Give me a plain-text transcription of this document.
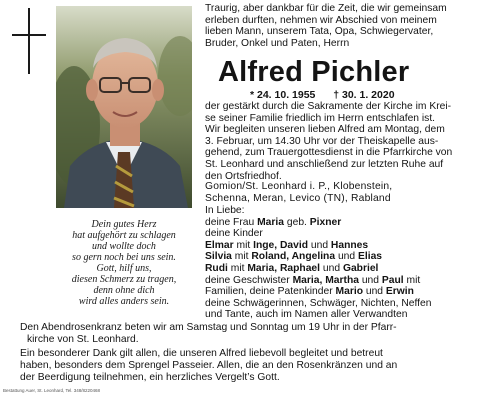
Dein gutes Herz
hat aufgehört zu schlagen
und wollte doch
so gern noch bei uns sein.
Gott, hilf uns,
diesen Schmerz zu tragen,
denn ohne dich
wird alles anders sein.
Traurig, aber dankbar für die Zeit, die wir gemeinsam
erleben durften, nehmen wir Abschied von meinem
lieben Mann, unserem Tata, Opa, Schwiegervater,
Bruder, Onkel und Paten, Herrn
Alfred Pichler
* 24. 10. 1955 † 30. 1. 2020
der gestärkt durch die Sakramente der Kirche im Krei-
se seiner Familie friedlich im Herrn entschlafen ist.
Wir begleiten unseren lieben Alfred am Montag, dem
3. Februar, um 14.30 Uhr vor der Theiskapelle aus-
gehend, zum Trauergottesdienst in die Pfarrkirche von
St. Leonhard und anschließend zur letzten Ruhe auf
den Ortsfriedhof.
Gomion/St. Leonhard i. P., Klobenstein,
Schenna, Meran, Levico (TN), Rabland
In Liebe:
deine Frau Maria geb. Pixner
deine Kinder
Elmar mit Inge, David und Hannes
Silvia mit Roland, Angelina und Elias
Rudi mit Maria, Raphael und Gabriel
deine Geschwister Maria, Martha und Paul mit
Familien, deine Patenkinder Mario und Erwin
deine Schwägerinnen, Schwäger, Nichten, Neffen
und Tante, auch im Namen aller Verwandten
Den Abendrosenkranz beten wir am Samstag und Sonntag um 19 Uhr in der Pfarr-
kirche von St. Leonhard.
Ein besonderer Dank gilt allen, die unseren Alfred liebevoll begleitet und betreut
haben, besonders dem Sprengel Passeier. Allen, die an den Rosenkränzen und an
der Beerdigung teilnehmen, ein herzliches Vergelt’s Gott.
Bestattung Auer, St. Leonhard, Tel. 348/8220468
